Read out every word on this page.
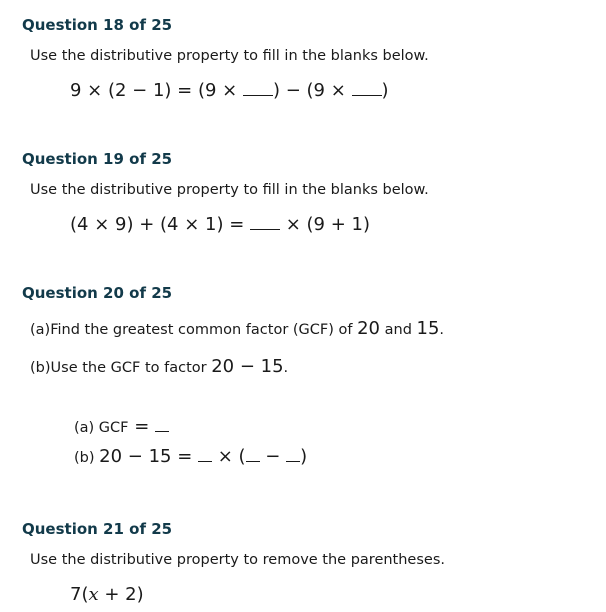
Question 18 of 25
Use the distributive property to fill in the blanks below.
9 × (2 − 1) = (9 × ) − (9 × )
Question 19 of 25
Use the distributive property to fill in the blanks below.
(4 × 9) + (4 × 1) =  × (9 + 1)
Question 20 of 25
(a)Find the greatest common factor (GCF) of 20 and 15.
(b)Use the GCF to factor 20 − 15.
(a) GCF =
(b) 20 − 15 =  × ( − )
Question 21 of 25
Use the distributive property to remove the parentheses.
7(x + 2)
